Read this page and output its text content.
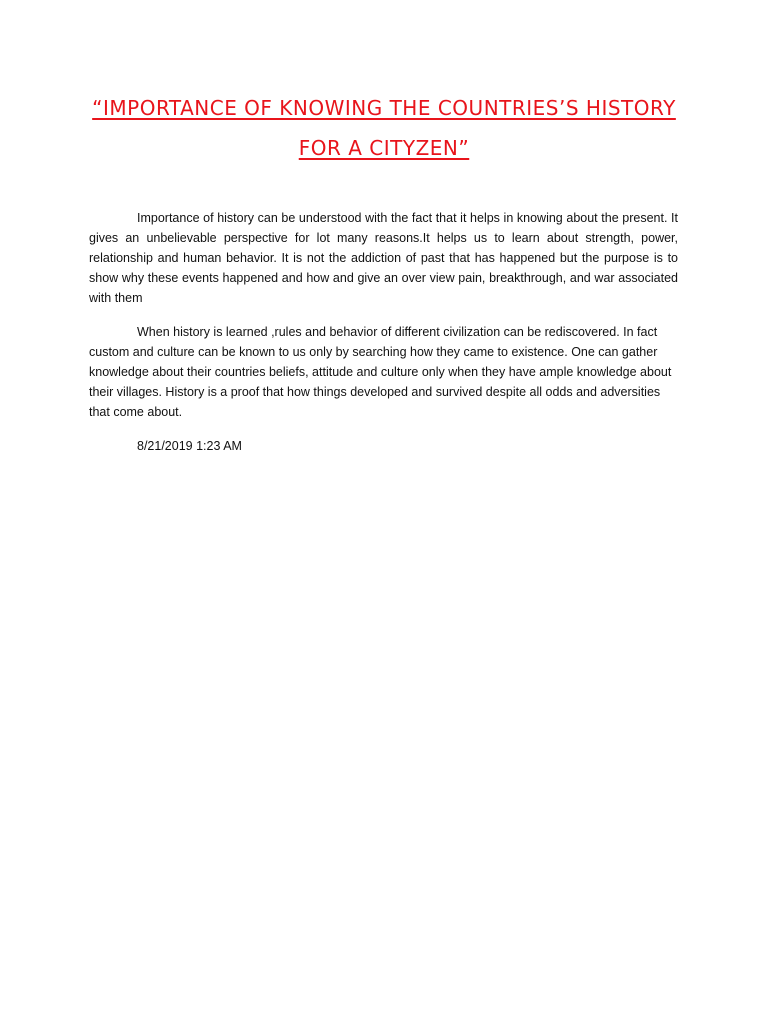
“IMPORTANCE OF KNOWING THE COUNTRIES’S HISTORY
FOR A CITYZEN”

Importance of history can be understood with the fact that it helps in knowing about the present. It gives an unbelievable perspective for lot many reasons.It helps us to learn about strength, power, relationship and human behavior. It is not the addiction of past that has happened but the purpose is to show why these events happened and how and give an over view pain, breakthrough, and war associated with them

When history is learned ,rules and behavior of different civilization can be rediscovered. In fact custom and culture can be known to us only by searching how they came to existence. One can gather knowledge about their countries beliefs, attitude and culture only when they have ample knowledge about their villages. History is a proof that how things developed and survived despite all odds and adversities that come about.

8/21/2019 1:23 AM
